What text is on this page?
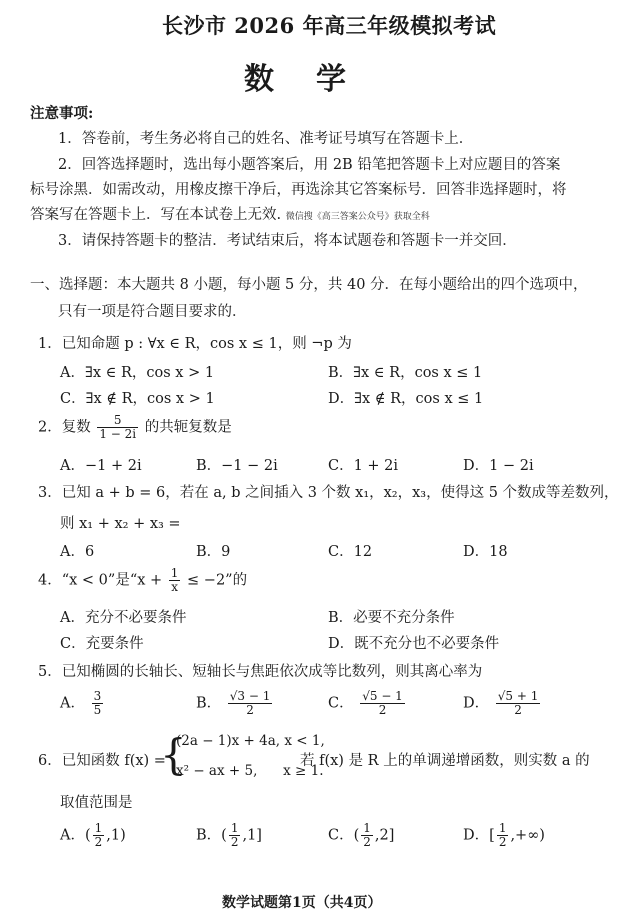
长沙市 2026 年高三年级模拟考试
数学
注意事项:
1．答卷前，考生务必将自己的姓名、准考证号填写在答题卡上．
2．回答选择题时，选出每小题答案后，用 2B 铅笔把答题卡上对应题目的答案
标号涂黑．如需改动，用橡皮擦干净后，再选涂其它答案标号．回答非选择题时，将
答案写在答题卡上．写在本试卷上无效. 微信搜《高三答案公众号》获取全科
3．请保持答题卡的整洁．考试结束后，将本试题卷和答题卡一并交回．
一、选择题：本大题共 8 小题，每小题 5 分，共 40 分．在每小题给出的四个选项中，
只有一项是符合题目要求的．
1．已知命题 p : ∀x ∈ R，cos x ≤ 1，则 ¬p 为
A．∃x ∈ R，cos x > 1	B．∃x ∈ R，cos x ≤ 1
C．∃x ∉ R，cos x > 1	D．∃x ∉ R，cos x ≤ 1
2．复数 $\frac{5}{1 - 2i}$ 的共轭复数是
A．−1 + 2i	B．−1 − 2i	C．1 + 2i	D．1 − 2i
3．已知 a + b = 6，若在 a, b 之间插入 3 个数 x₁，x₂，x₃，使得这 5 个数成等差数列，
则 x₁ + x₂ + x₃ =
A．6	B．9	C．12	D．18
4．“x < 0”是“$x + \frac{1}{x} \le -2$”的
A．充分不必要条件	B．必要不充分条件
C．充要条件	D．既不充分也不必要条件
5．已知椭圆的长轴长、短轴长与焦距依次成等比数列，则其离心率为
A． $\frac{3}{5}$	B． $\frac{√3 - 1}{2}$	C． $\frac{√5 - 1}{2}$	D． $\frac{√5 + 1}{2}$
6．已知函数 f(x) =
{
(2a − 1)x + 4a, x < 1,
x² − ax + 5,      x ≥ 1.
若 f(x) 是 R 上的单调递增函数，则实数 a 的
取值范围是
A．( $\frac{1}{2} ,1$)	B．( $\frac{1}{2} ,1$]	C．( $\frac{1}{2} ,2$]	D．[ $\frac{1}{2}$ ,+∞)
数学试题第1页（共4页）
